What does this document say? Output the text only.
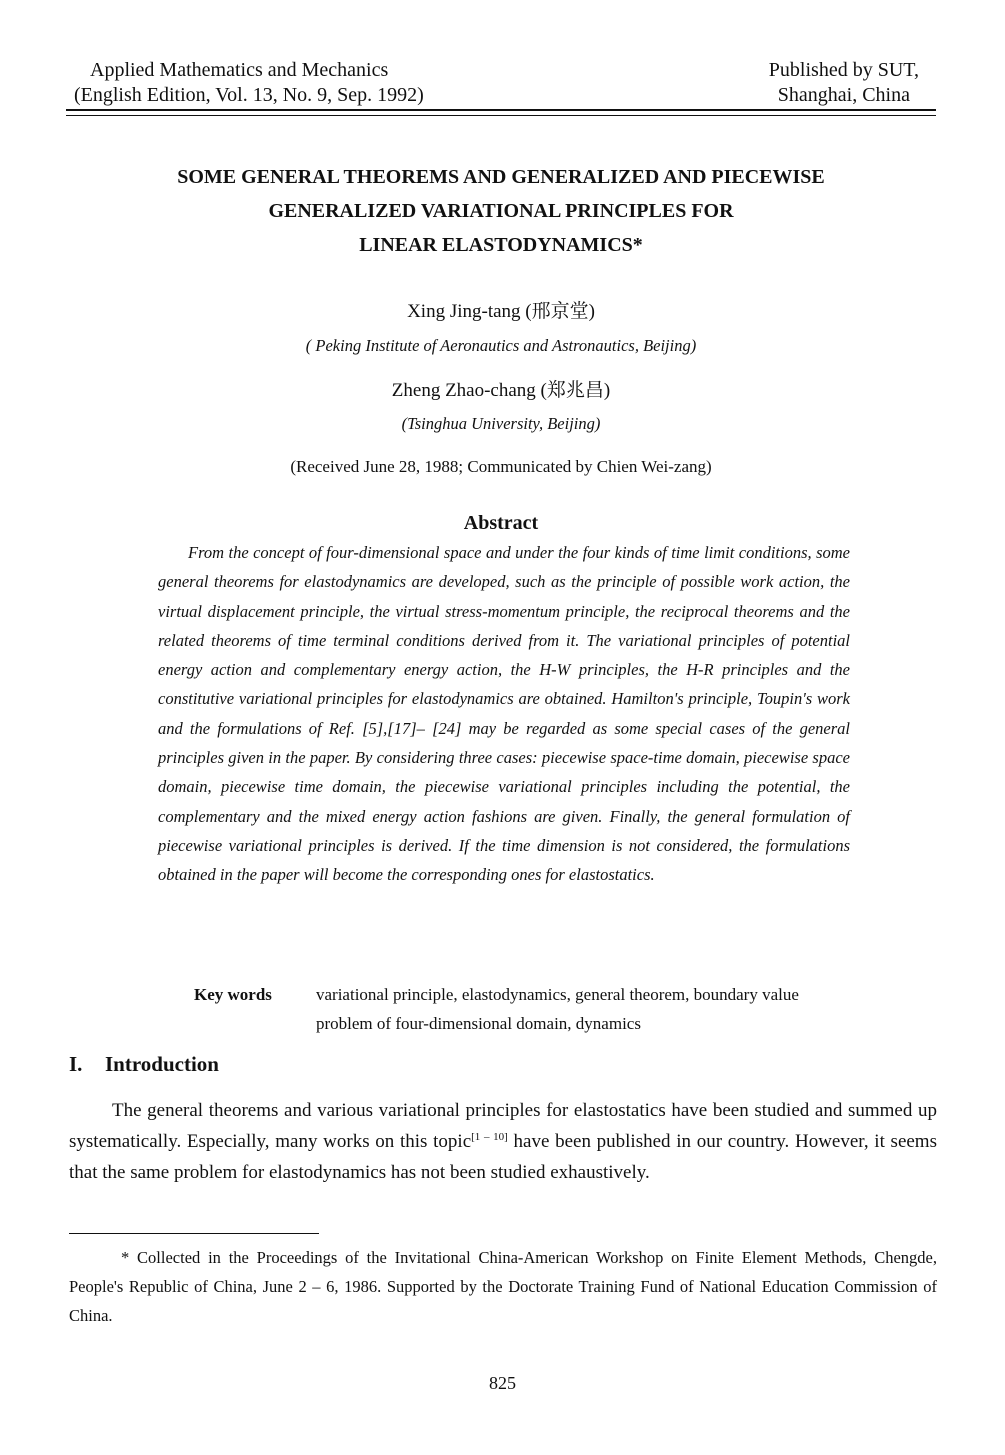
Applied Mathematics and Mechanics
(English Edition, Vol. 13, No. 9, Sep. 1992)
Published by SUT,
Shanghai, China
SOME GENERAL THEOREMS AND GENERALIZED AND PIECEWISE
GENERALIZED VARIATIONAL PRINCIPLES FOR
LINEAR ELASTODYNAMICS*
Xing Jing-tang (邢京堂)
( Peking Institute of Aeronautics and Astronautics, Beijing)
Zheng Zhao-chang (郑兆昌)
(Tsinghua University, Beijing)
(Received June 28, 1988; Communicated by Chien Wei-zang)
Abstract
From the concept of four-dimensional space and under the four kinds of time limit conditions, some general theorems for elastodynamics are developed, such as the principle of possible work action, the virtual displacement principle, the virtual stress-momentum principle, the reciprocal theorems and the related theorems of time terminal conditions derived from it. The variational principles of potential energy action and complementary energy action, the H-W principles, the H-R principles and the constitutive variational principles for elastodynamics are obtained. Hamilton's principle, Toupin's work and the formulations of Ref. [5],[17]– [24] may be regarded as some special cases of the general principles given in the paper. By considering three cases: piecewise space-time domain, piecewise space domain, piecewise time domain, the piecewise variational principles including the potential, the complementary and the mixed energy action fashions are given. Finally, the general formulation of piecewise variational principles is derived. If the time dimension is not considered, the formulations obtained in the paper will become the corresponding ones for elastostatics.
Key words	variational principle, elastodynamics, general theorem, boundary value problem of four-dimensional domain, dynamics
I. Introduction
The general theorems and various variational principles for elastostatics have been studied and summed up systematically. Especially, many works on this topic[1 – 10] have been published in our country. However, it seems that the same problem for elastodynamics has not been studied exhaustively.
* Collected in the Proceedings of the Invitational China-American Workshop on Finite Element Methods, Chengde, People's Republic of China, June 2 – 6, 1986. Supported by the Doctorate Training Fund of National Education Commission of China.
825
